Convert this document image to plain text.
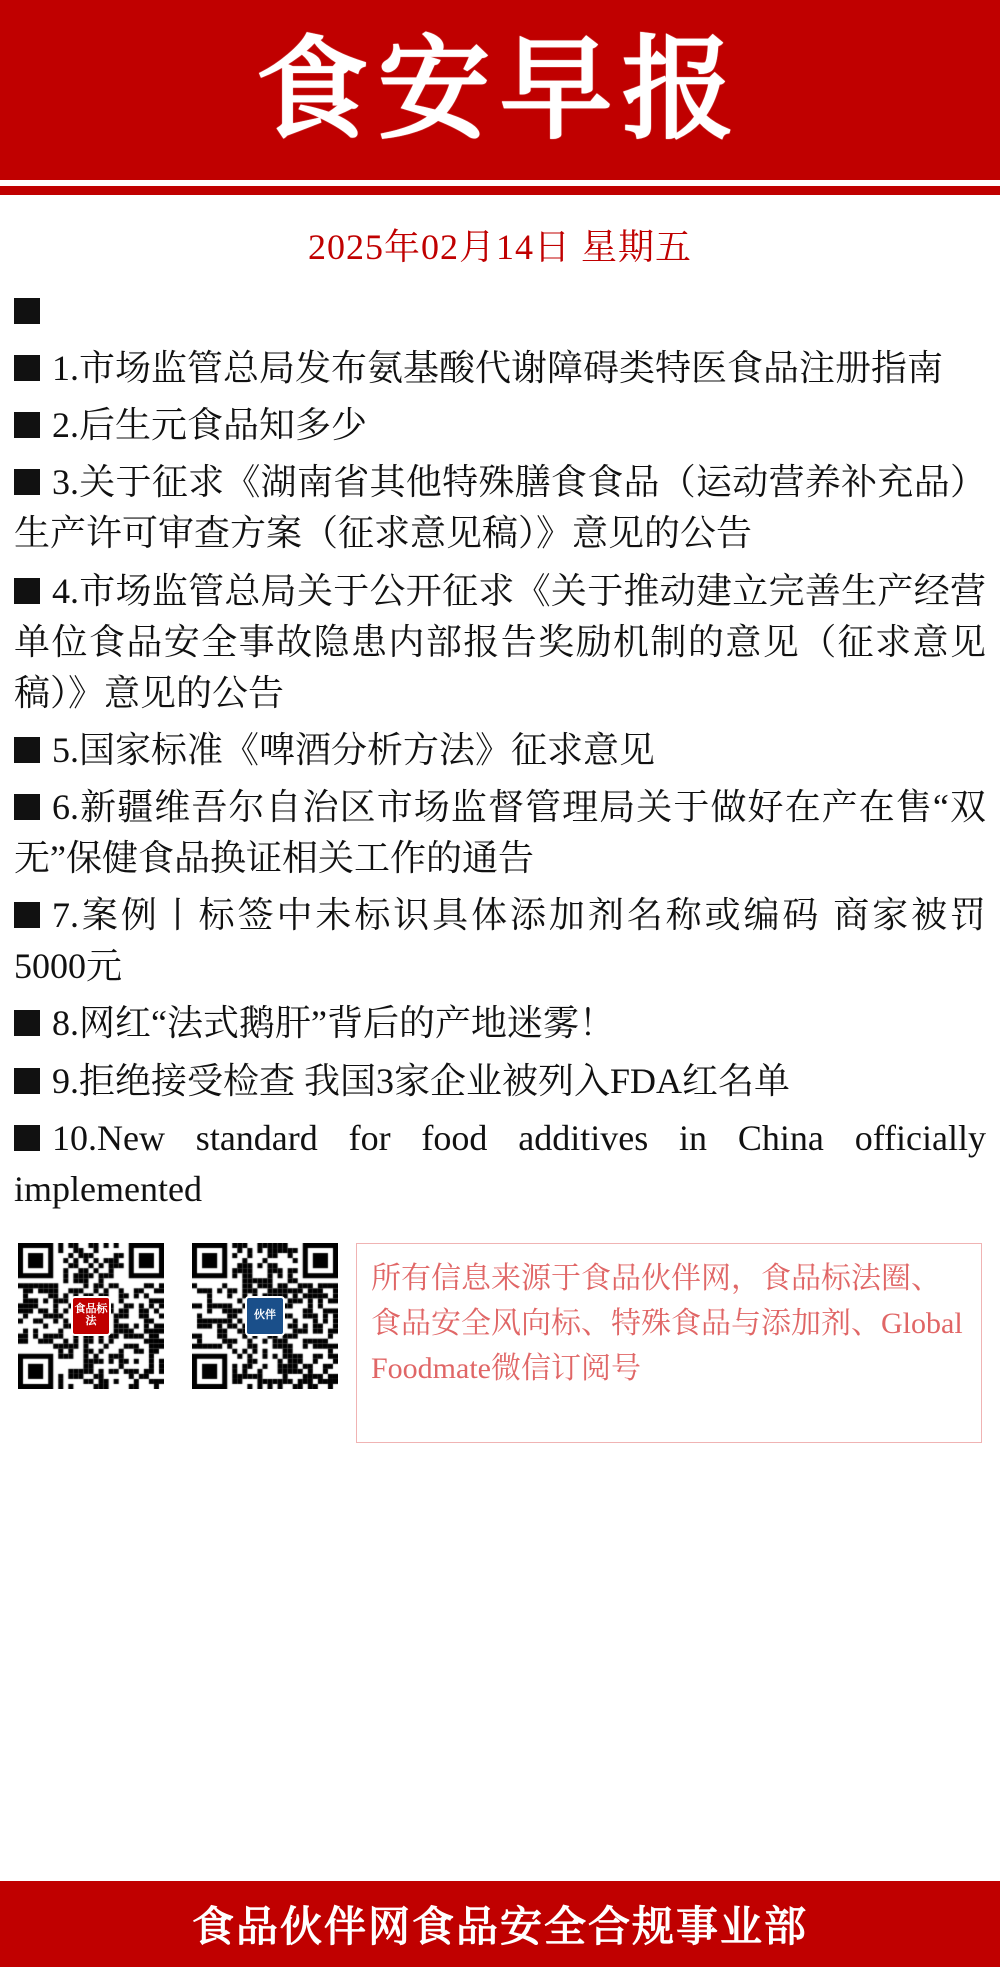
食安早报
2025年02月14日 星期五
1.市场监管总局发布氨基酸代谢障碍类特医食品注册指南
2.后生元食品知多少
3.关于征求《湖南省其他特殊膳食食品（运动营养补充品）生产许可审查方案（征求意见稿）》意见的公告
4.市场监管总局关于公开征求《关于推动建立完善生产经营单位食品安全事故隐患内部报告奖励机制的意见（征求意见稿）》意见的公告
5.国家标准《啤酒分析方法》征求意见
6.新疆维吾尔自治区市场监督管理局关于做好在产在售“双无”保健食品换证相关工作的通告
7.案例丨标签中未标识具体添加剂名称或编码 商家被罚5000元
8.网红“法式鹅肝”背后的产地迷雾！
9.拒绝接受检查 我国3家企业被列入FDA红名单
10.New standard for food additives in China officially implemented
食品标法	伙伴
所有信息来源于食品伙伴网，食品标法圈、食品安全风向标、特殊食品与添加剂、Global Foodmate微信订阅号
食品伙伴网食品安全合规事业部
